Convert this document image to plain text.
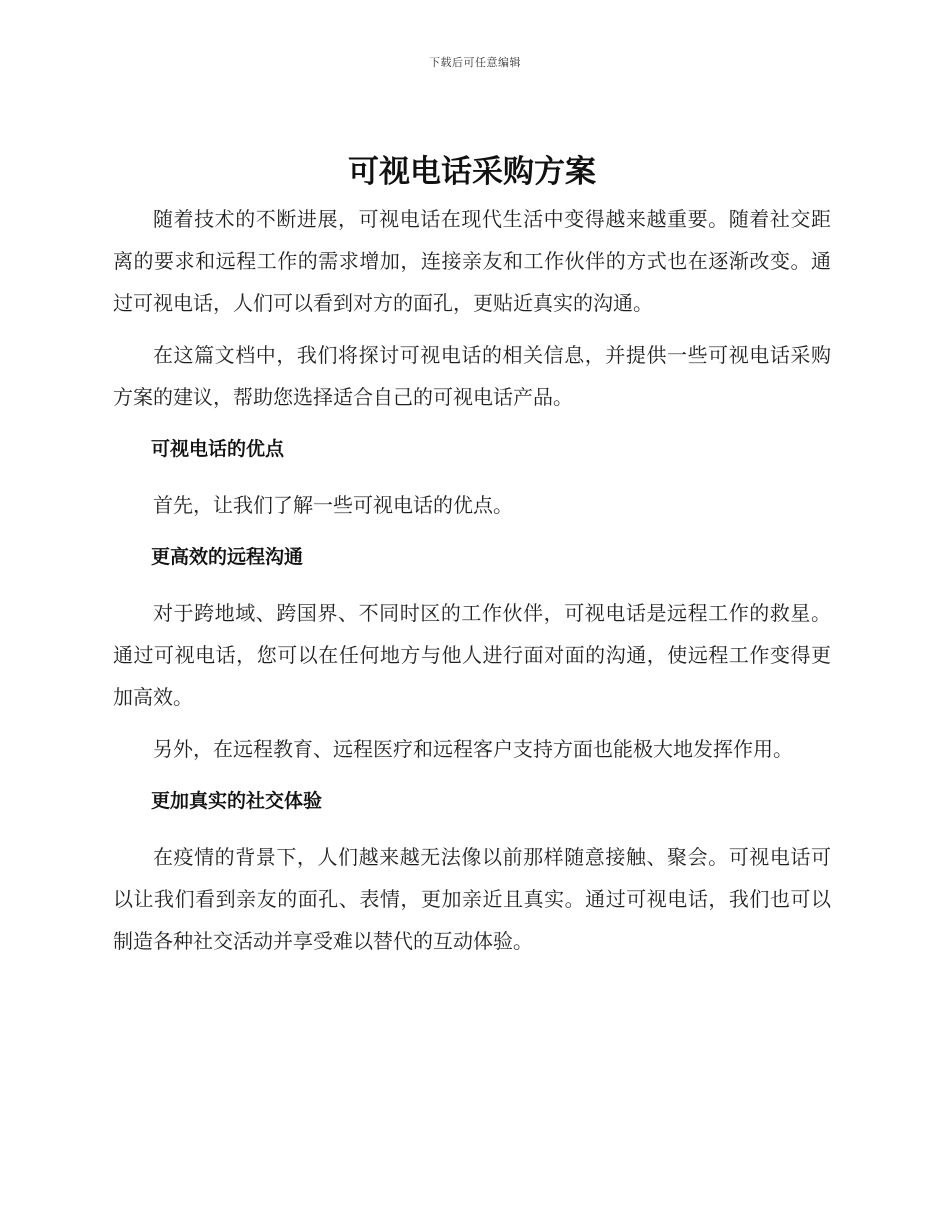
下载后可任意编辑
可视电话采购方案

随着技术的不断进展，可视电话在现代生活中变得越来越重要。随着社交距离的要求和远程工作的需求增加，连接亲友和工作伙伴的方式也在逐渐改变。通过可视电话，人们可以看到对方的面孔，更贴近真实的沟通。

在这篇文档中，我们将探讨可视电话的相关信息，并提供一些可视电话采购方案的建议，帮助您选择适合自己的可视电话产品。

可视电话的优点

首先，让我们了解一些可视电话的优点。

更高效的远程沟通

对于跨地域、跨国界、不同时区的工作伙伴，可视电话是远程工作的救星。通过可视电话，您可以在任何地方与他人进行面对面的沟通，使远程工作变得更加高效。

另外，在远程教育、远程医疗和远程客户支持方面也能极大地发挥作用。

更加真实的社交体验

在疫情的背景下，人们越来越无法像以前那样随意接触、聚会。可视电话可以让我们看到亲友的面孔、表情，更加亲近且真实。通过可视电话，我们也可以制造各种社交活动并享受难以替代的互动体验。
